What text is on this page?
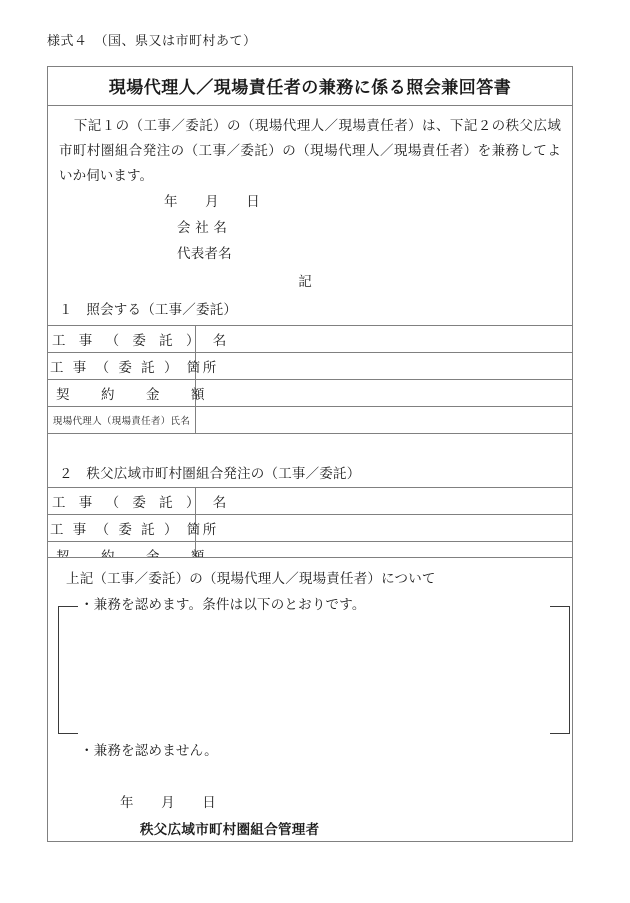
様式４　（国、県又は市町村あて）
現場代理人／現場責任者の兼務に係る照会兼回答書

下記１の（工事／委託）の（現場代理人／現場責任者）は、下記２の秩父広域市町村圏組合発注の（工事／委託）の（現場代理人／現場責任者）を兼務してよいか伺います。

年　　月　　日
会 社 名
代表者名
記
１　照会する（工事／委託）
工 事 （ 委 託 ） 名	
工 事 （ 委 託 ） 箇所	
契　約　金　額	
現場代理人（現場責任者）氏名	

２　秩父広域市町村圏組合発注の（工事／委託）	
工 事 （ 委 託 ） 名	
工 事 （ 委 託 ） 箇所	

上記（工事／委託）の（現場代理人／現場責任者）について
・兼務を認めます。条件は以下のとおりです。
・兼務を認めません。
年　　月　　日
秩父広域市町村圏組合管理者
